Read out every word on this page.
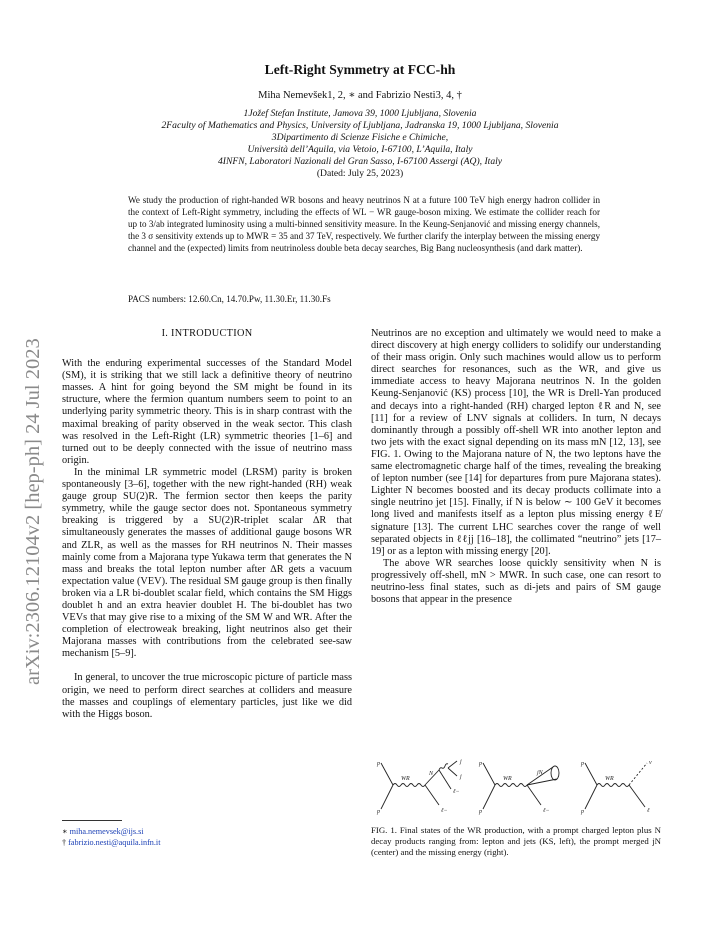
arXiv:2306.12104v2 [hep-ph] 24 Jul 2023
Left-Right Symmetry at FCC-hh
Miha Nemevšek1, 2, ∗ and Fabrizio Nesti3, 4, †
1Jožef Stefan Institute, Jamova 39, 1000 Ljubljana, Slovenia
2Faculty of Mathematics and Physics, University of Ljubljana, Jadranska 19, 1000 Ljubljana, Slovenia
3Dipartimento di Scienze Fisiche e Chimiche,
Università dell’Aquila, via Vetoio, I-67100, L’Aquila, Italy
4INFN, Laboratori Nazionali del Gran Sasso, I-67100 Assergi (AQ), Italy
(Dated: July 25, 2023)
We study the production of right-handed WR bosons and heavy neutrinos N at a future 100 TeV high energy hadron collider in the context of Left-Right symmetry, including the effects of WL − WR gauge-boson mixing. We estimate the collider reach for up to 3/ab integrated luminosity using a multi-binned sensitivity measure. In the Keung-Senjanović and missing energy channels, the 3 σ sensitivity extends up to MWR = 35 and 37 TeV, respectively. We further clarify the interplay between the missing energy channel and the (expected) limits from neutrinoless double beta decay searches, Big Bang nucleosynthesis (and dark matter).
PACS numbers: 12.60.Cn, 14.70.Pw, 11.30.Er, 11.30.Fs
I. INTRODUCTION

With the enduring experimental successes of the Standard Model (SM), it is striking that we still lack a definitive theory of neutrino masses. A hint for going beyond the SM might be found in its structure, where the fermion quantum numbers seem to point to an underlying parity symmetric theory. This is in sharp contrast with the maximal breaking of parity observed in the weak sector. This clash was resolved in the Left-Right (LR) symmetric theories [1–6] and turned out to be deeply connected with the issue of neutrino mass origin.

In the minimal LR symmetric model (LRSM) parity is broken spontaneously [3–6], together with the new right-handed (RH) weak gauge group SU(2)R. The fermion sector then keeps the parity symmetry, while the gauge sector does not. Spontaneous symmetry breaking is triggered by a SU(2)R-triplet scalar ∆R that simultaneously generates the masses of additional gauge bosons WR and ZLR, as well as the masses for RH neutrinos N. Their masses mainly come from a Majorana type Yukawa term that generates the N mass and breaks the total lepton number after ∆R gets a vacuum expectation value (VEV). The residual SM gauge group is then finally broken via a LR bi-doublet scalar field, which contains the SM Higgs doublet h and an extra heavier doublet H. The bi-doublet has two VEVs that may give rise to a mixing of the SM W and WR. After the completion of electroweak breaking, light neutrinos also get their Majorana masses with contributions from the celebrated see-saw mechanism [5–9].

In general, to uncover the true microscopic picture of particle mass origin, we need to perform direct searches at colliders and measure the masses and couplings of elementary particles, just like we did with the Higgs boson.

Neutrinos are no exception and ultimately we would need to make a direct discovery at high energy colliders to solidify our understanding of their mass origin. Only such machines would allow us to perform direct searches for resonances, such as the WR, and give us immediate access to heavy Majorana neutrinos N. In the golden Keung-Senjanović (KS) process [10], the WR is Drell-Yan produced and decays into a right-handed (RH) charged lepton ℓR and N, see [11] for a review of LNV signals at colliders. In turn, N decays dominantly through a possibly off-shell WR into another lepton and two jets with the exact signal depending on its mass mN [12, 13], see FIG. 1. Owing to the Majorana nature of N, the two leptons have the same electromagnetic charge half of the times, revealing the breaking of lepton number (see [14] for departures from pure Majorana states). Lighter N becomes boosted and its decay products collimate into a single neutrino jet [15]. Finally, if N is below ∼ 100 GeV it becomes long lived and manifests itself as a lepton plus missing energy ℓE̸ signature [13]. The current LHC searches cover the range of well separated objects in ℓℓjj [16–18], the collimated “neutrino” jets [17–19] or as a lepton with missing energy [20].

The above WR searches loose quickly sensitivity when N is progressively off-shell, mN > MWR. In such case, one can resort to neutrino-less final states, such as di-jets and pairs of SM gauge bosons that appear in the presence

p
p
WR
N
j
j
ℓ−
ℓ−
p
p
WR
jN
ℓ−
p
p
WR
ν
ℓ
FIG. 1. Final states of the WR production, with a prompt charged lepton plus N decay products ranging from: lepton and jets (KS, left), the prompt merged jN (center) and the missing energy (right).
∗ miha.nemevsek@ijs.si
† fabrizio.nesti@aquila.infn.it
